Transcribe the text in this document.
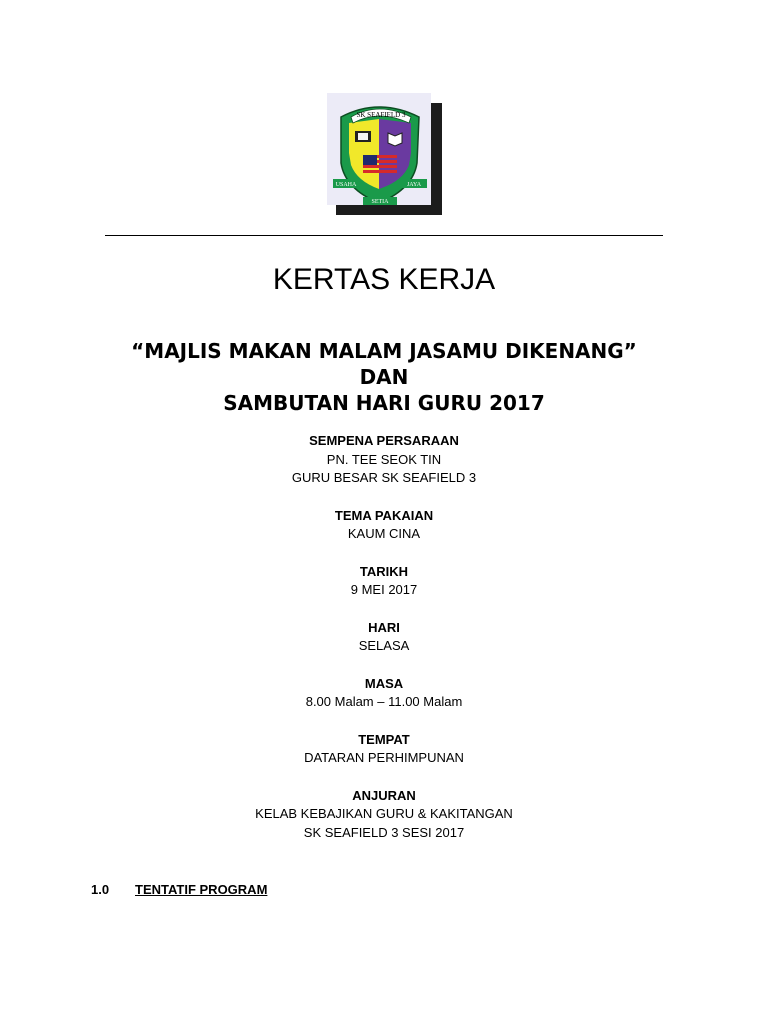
SK SEAFIELD 3
USAHA	JAYA
SETIA
KERTAS KERJA
“MAJLIS MAKAN MALAM JASAMU DIKENANG”
DAN
SAMBUTAN HARI GURU 2017
SEMPENA PERSARAAN
PN. TEE SEOK TIN
GURU BESAR SK SEAFIELD 3
TEMA PAKAIAN
KAUM CINA
TARIKH
9 MEI 2017
HARI
SELASA
MASA
8.00 Malam – 11.00 Malam
TEMPAT
DATARAN PERHIMPUNAN
ANJURAN
KELAB KEBAJIKAN GURU & KAKITANGAN
SK SEAFIELD 3 SESI 2017
1.0 TENTATIF PROGRAM
